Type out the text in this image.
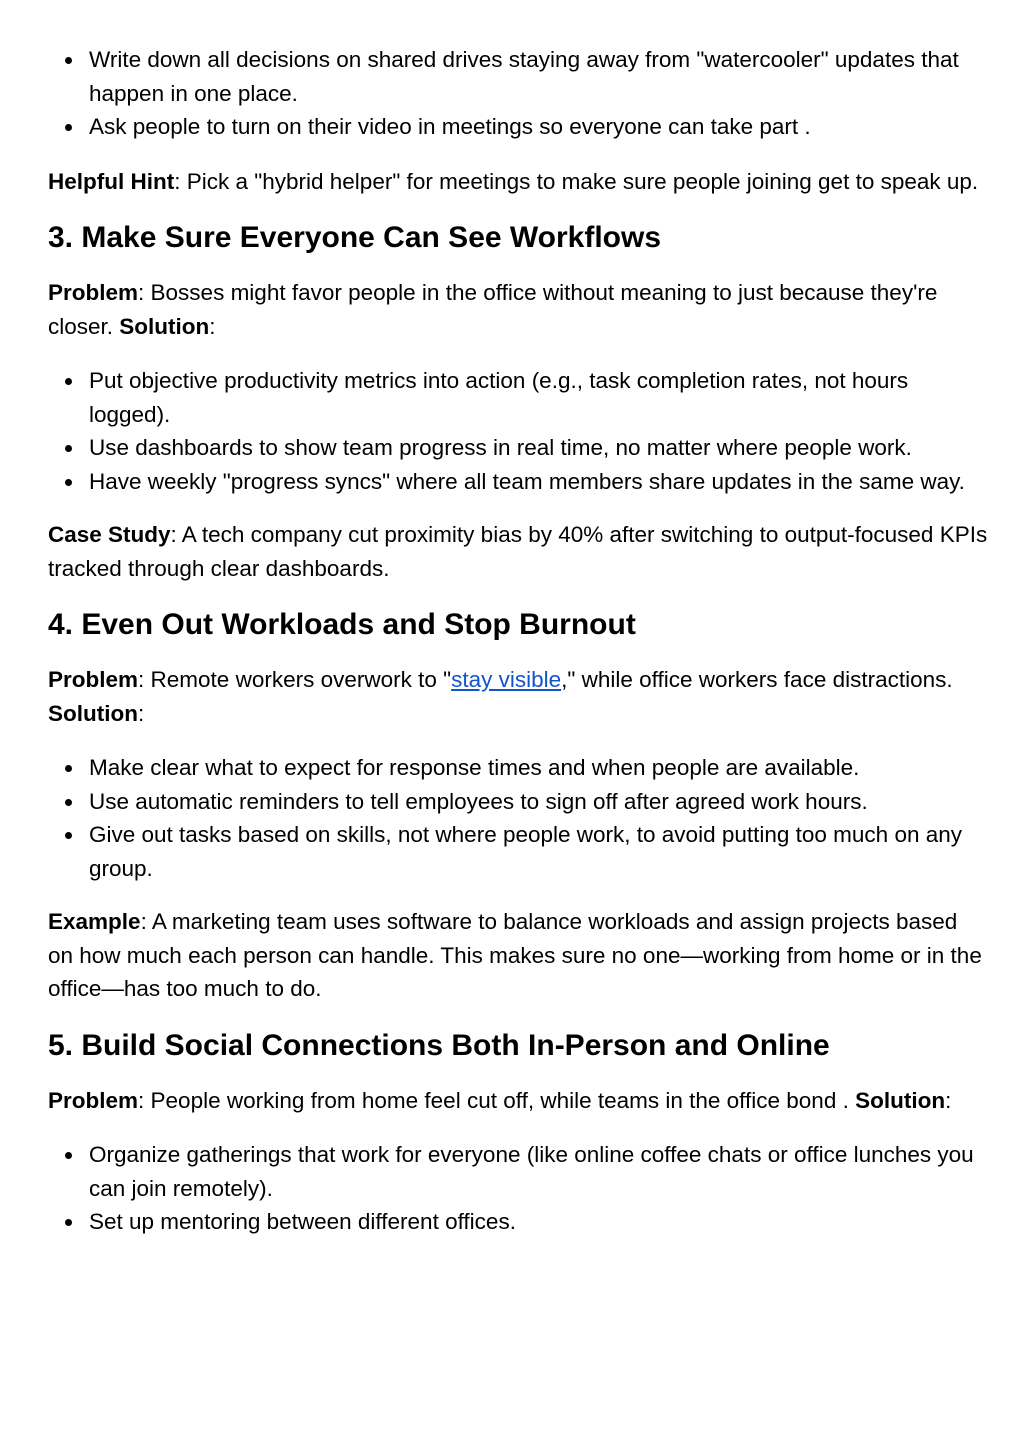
Write down all decisions on shared drives staying away from "watercooler" updates that happen in one place.
Ask people to turn on their video in meetings so everyone can take part .

Helpful Hint: Pick a "hybrid helper" for meetings to make sure people joining get to speak up.

3. Make Sure Everyone Can See Workflows

Problem: Bosses might favor people in the office without meaning to just because they're closer. Solution:

Put objective productivity metrics into action (e.g., task completion rates, not hours logged).
Use dashboards to show team progress in real time, no matter where people work.
Have weekly "progress syncs" where all team members share updates in the same way.

Case Study: A tech company cut proximity bias by 40% after switching to output-focused KPIs tracked through clear dashboards.

4. Even Out Workloads and Stop Burnout

Problem: Remote workers overwork to "stay visible," while office workers face distractions. Solution:

Make clear what to expect for response times and when people are available.
Use automatic reminders to tell employees to sign off after agreed work hours.
Give out tasks based on skills, not where people work, to avoid putting too much on any group.

Example: A marketing team uses software to balance workloads and assign projects based on how much each person can handle. This makes sure no one—working from home or in the office—has too much to do.

5. Build Social Connections Both In-Person and Online

Problem: People working from home feel cut off, while teams in the office bond . Solution:

Organize gatherings that work for everyone (like online coffee chats or office lunches you can join remotely).
Set up mentoring between different offices.
